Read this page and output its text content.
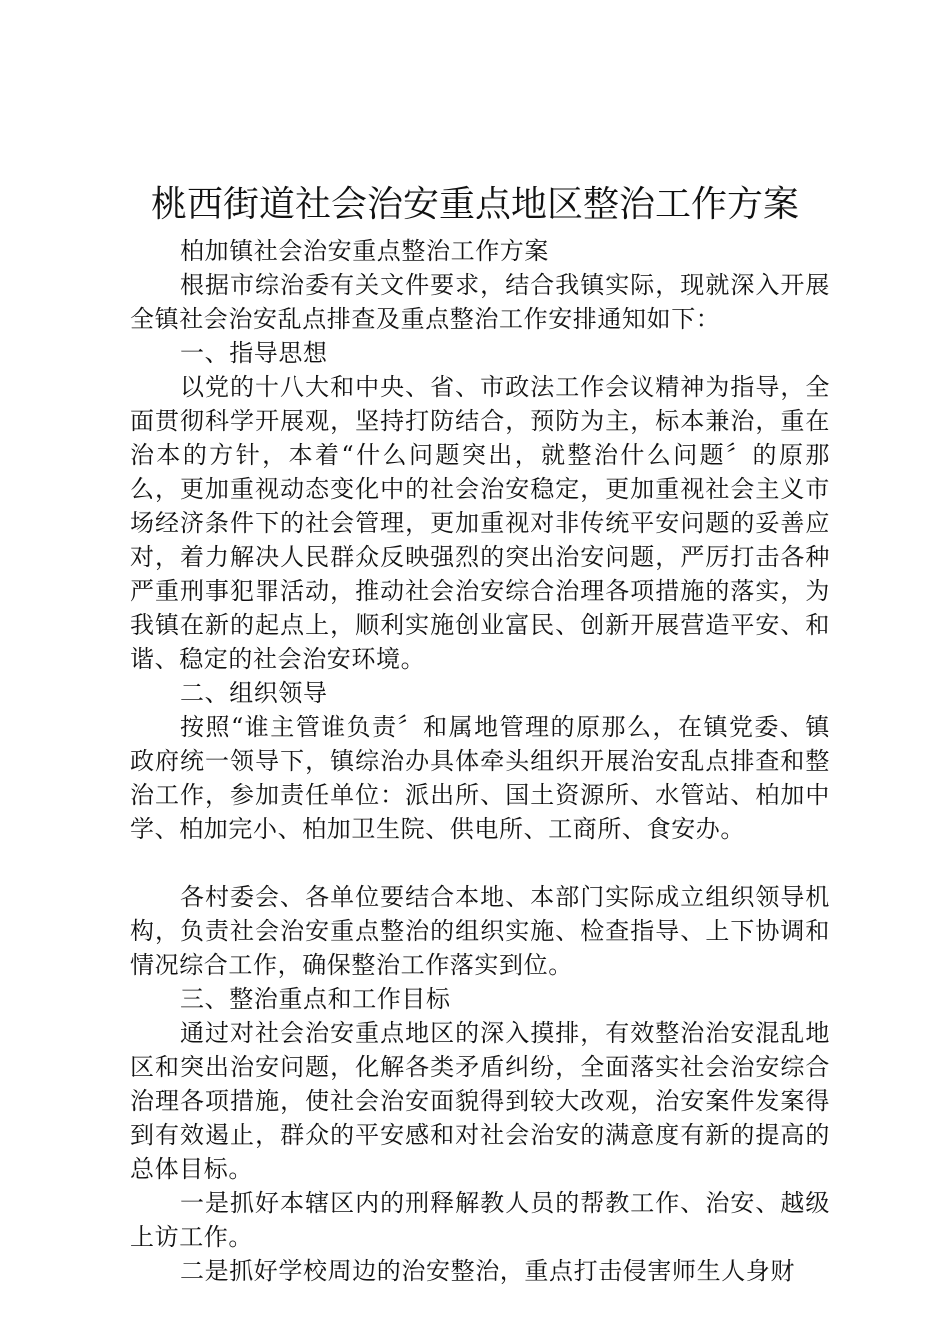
桃西街道社会治安重点地区整治工作方案

柏加镇社会治安重点整治工作方案

根据市综治委有关文件要求，结合我镇实际，现就深入开展全镇社会治安乱点排查及重点整治工作安排通知如下：

一、指导思想

以党的十八大和中央、省、市政法工作会议精神为指导，全面贯彻科学开展观，坚持打防结合，预防为主，标本兼治，重在治本的方针，本着“什么问题突出，就整治什么问题〞的原那么，更加重视动态变化中的社会治安稳定，更加重视社会主义市场经济条件下的社会管理，更加重视对非传统平安问题的妥善应对，着力解决人民群众反映强烈的突出治安问题，严厉打击各种严重刑事犯罪活动，推动社会治安综合治理各项措施的落实，为我镇在新的起点上，顺利实施创业富民、创新开展营造平安、和谐、稳定的社会治安环境。

二、组织领导

按照“谁主管谁负责〞和属地管理的原那么，在镇党委、镇政府统一领导下，镇综治办具体牵头组织开展治安乱点排查和整治工作，参加责任单位：派出所、国土资源所、水管站、柏加中学、柏加完小、柏加卫生院、供电所、工商所、食安办。

各村委会、各单位要结合本地、本部门实际成立组织领导机构，负责社会治安重点整治的组织实施、检查指导、上下协调和情况综合工作，确保整治工作落实到位。

三、整治重点和工作目标

通过对社会治安重点地区的深入摸排，有效整治治安混乱地区和突出治安问题，化解各类矛盾纠纷，全面落实社会治安综合治理各项措施，使社会治安面貌得到较大改观，治安案件发案得到有效遏止，群众的平安感和对社会治安的满意度有新的提高的总体目标。

一是抓好本辖区内的刑释解教人员的帮教工作、治安、越级上访工作。

二是抓好学校周边的治安整治，重点打击侵害师生人身财
